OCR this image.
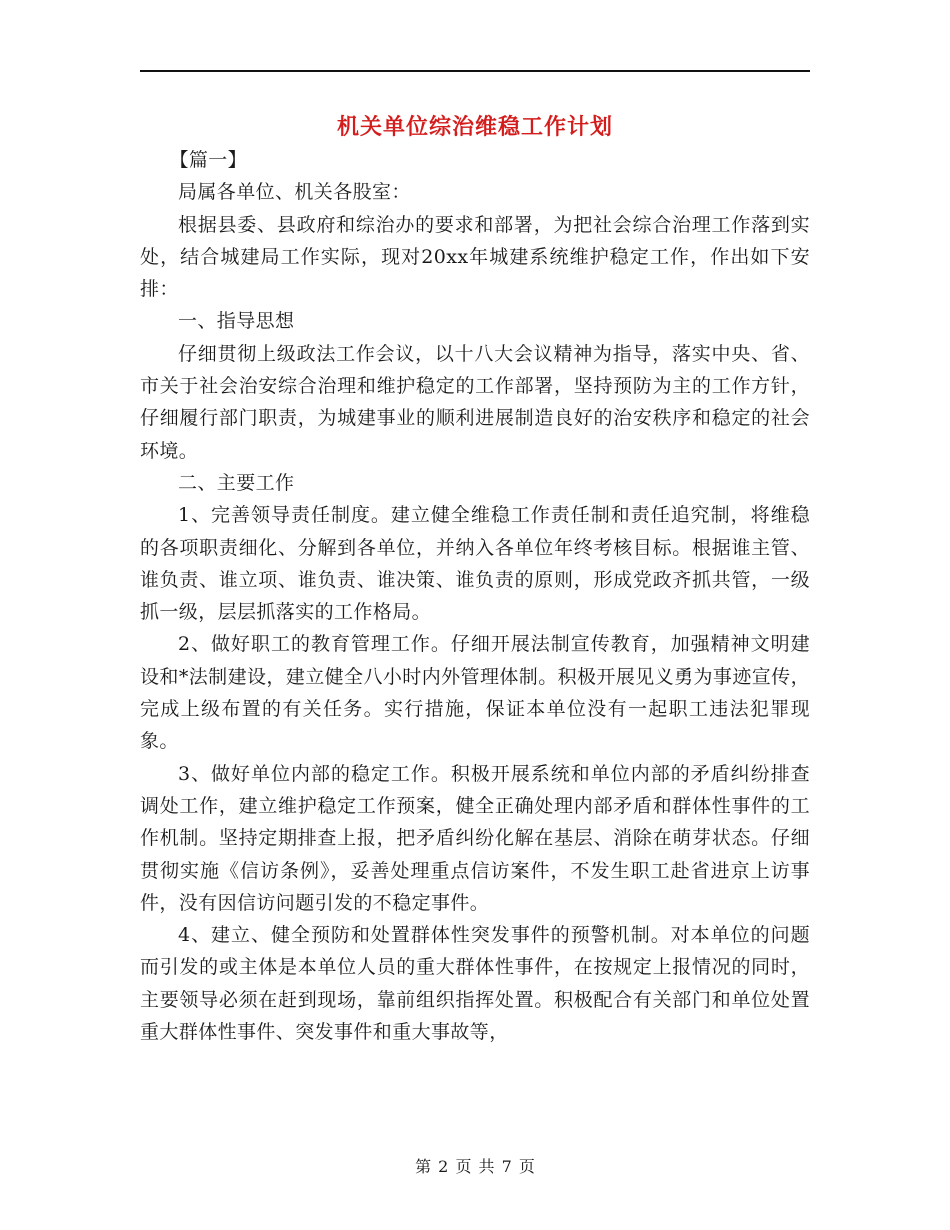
机关单位综治维稳工作计划

【篇一】

局属各单位、机关各股室：

根据县委、县政府和综治办的要求和部署，为把社会综合治理工作落到实处，结合城建局工作实际，现对20xx年城建系统维护稳定工作，作出如下安排：

一、指导思想

仔细贯彻上级政法工作会议，以十八大会议精神为指导，落实中央、省、市关于社会治安综合治理和维护稳定的工作部署，坚持预防为主的工作方针，仔细履行部门职责，为城建事业的顺利进展制造良好的治安秩序和稳定的社会环境。

二、主要工作

1、完善领导责任制度。建立健全维稳工作责任制和责任追究制，将维稳的各项职责细化、分解到各单位，并纳入各单位年终考核目标。根据谁主管、谁负责、谁立项、谁负责、谁决策、谁负责的原则，形成党政齐抓共管，一级抓一级，层层抓落实的工作格局。

2、做好职工的教育管理工作。仔细开展法制宣传教育，加强精神文明建设和*法制建设，建立健全八小时内外管理体制。积极开展见义勇为事迹宣传，完成上级布置的有关任务。实行措施，保证本单位没有一起职工违法犯罪现象。

3、做好单位内部的稳定工作。积极开展系统和单位内部的矛盾纠纷排查调处工作，建立维护稳定工作预案，健全正确处理内部矛盾和群体性事件的工作机制。坚持定期排查上报，把矛盾纠纷化解在基层、消除在萌芽状态。仔细贯彻实施《信访条例》，妥善处理重点信访案件，不发生职工赴省进京上访事件，没有因信访问题引发的不稳定事件。

4、建立、健全预防和处置群体性突发事件的预警机制。对本单位的问题而引发的或主体是本单位人员的重大群体性事件，在按规定上报情况的同时，主要领导必须在赶到现场，靠前组织指挥处置。积极配合有关部门和单位处置重大群体性事件、突发事件和重大事故等，

第 2 页 共 7 页
